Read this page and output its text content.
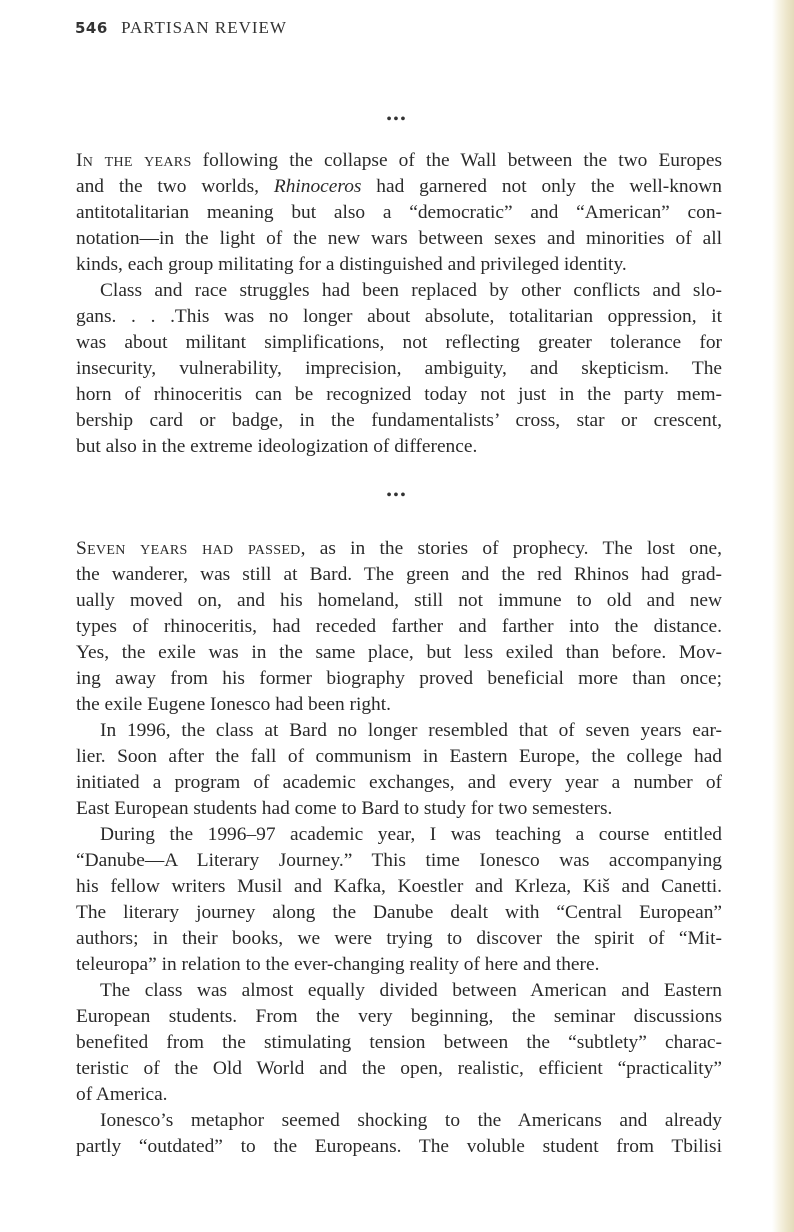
546 PARTISAN REVIEW
•••
In the years following the collapse of the Wall between the two Europes
and the two worlds, Rhinoceros had garnered not only the well-known
antitotalitarian meaning but also a “democratic” and “American” con-
notation—in the light of the new wars between sexes and minorities of all
kinds, each group militating for a distinguished and privileged identity.
Class and race struggles had been replaced by other conflicts and slo-
gans. . . .This was no longer about absolute, totalitarian oppression, it
was about militant simplifications, not reflecting greater tolerance for
insecurity, vulnerability, imprecision, ambiguity, and skepticism. The
horn of rhinoceritis can be recognized today not just in the party mem-
bership card or badge, in the fundamentalists’ cross, star or crescent,
but also in the extreme ideologization of difference.
•••
Seven years had passed, as in the stories of prophecy. The lost one,
the wanderer, was still at Bard. The green and the red Rhinos had grad-
ually moved on, and his homeland, still not immune to old and new
types of rhinoceritis, had receded farther and farther into the distance.
Yes, the exile was in the same place, but less exiled than before. Mov-
ing away from his former biography proved beneficial more than once;
the exile Eugene Ionesco had been right.
In 1996, the class at Bard no longer resembled that of seven years ear-
lier. Soon after the fall of communism in Eastern Europe, the college had
initiated a program of academic exchanges, and every year a number of
East European students had come to Bard to study for two semesters.
During the 1996–97 academic year, I was teaching a course entitled
“Danube—A Literary Journey.” This time Ionesco was accompanying
his fellow writers Musil and Kafka, Koestler and Krleza, Kiš and Canetti.
The literary journey along the Danube dealt with “Central European”
authors; in their books, we were trying to discover the spirit of “Mit-
teleuropa” in relation to the ever-changing reality of here and there.
The class was almost equally divided between American and Eastern
European students. From the very beginning, the seminar discussions
benefited from the stimulating tension between the “subtlety” charac-
teristic of the Old World and the open, realistic, efficient “practicality”
of America.
Ionesco’s metaphor seemed shocking to the Americans and already
partly “outdated” to the Europeans. The voluble student from Tbilisi
